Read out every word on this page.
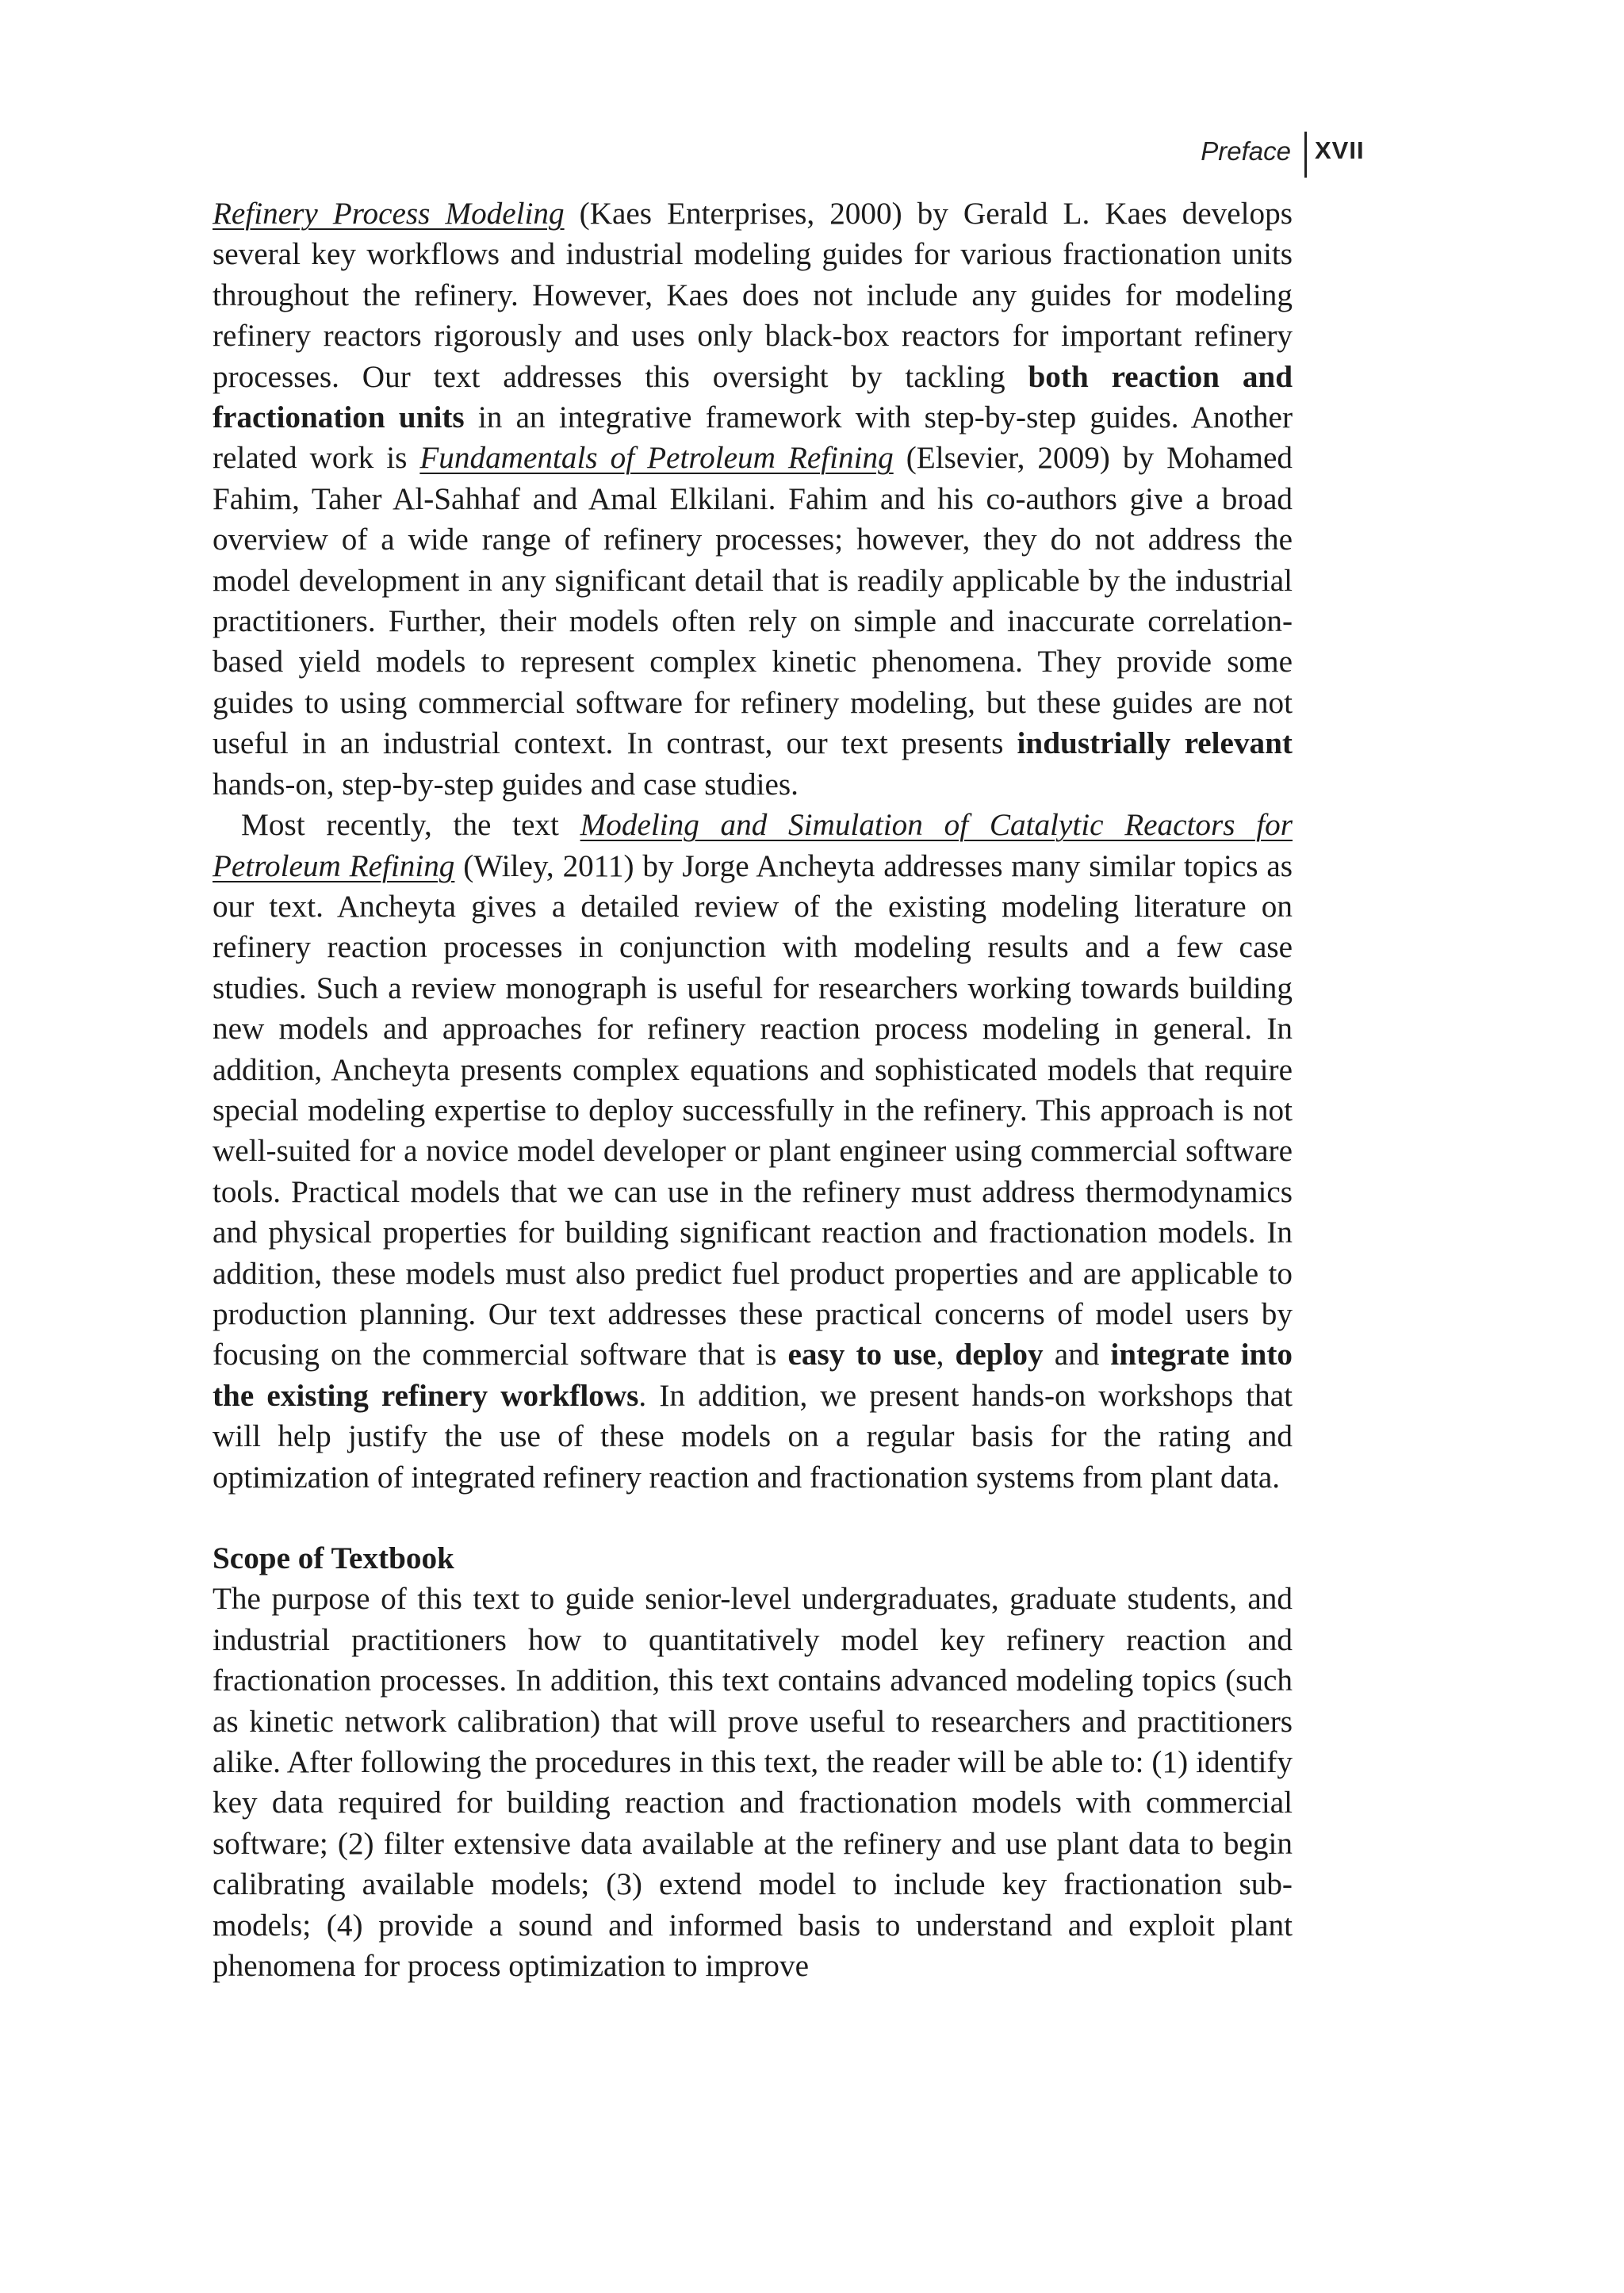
Preface XVII

Refinery Process Modeling (Kaes Enterprises, 2000) by Gerald L. Kaes develops several key workflows and industrial modeling guides for various fractionation units throughout the refinery. However, Kaes does not include any guides for modeling refinery reactors rigorously and uses only black-box reactors for important refinery processes. Our text addresses this oversight by tackling both reaction and fractionation units in an integrative framework with step-by-step guides. Another related work is Fundamentals of Petroleum Refining (Elsevier, 2009) by Mohamed Fahim, Taher Al-Sahhaf and Amal Elkilani. Fahim and his co-authors give a broad overview of a wide range of refinery processes; however, they do not address the model development in any significant detail that is readily applicable by the industrial practitioners. Further, their models often rely on simple and inaccurate correlation-based yield models to represent complex kinetic phenomena. They provide some guides to using commercial software for refinery modeling, but these guides are not useful in an industrial context. In contrast, our text presents industrially relevant hands-on, step-by-step guides and case studies.

Most recently, the text Modeling and Simulation of Catalytic Reactors for Petroleum Refining (Wiley, 2011) by Jorge Ancheyta addresses many similar topics as our text. Ancheyta gives a detailed review of the existing modeling literature on refinery reaction processes in conjunction with modeling results and a few case studies. Such a review monograph is useful for researchers working towards building new models and approaches for refinery reaction process modeling in general. In addition, Ancheyta presents complex equations and sophisticated models that require special modeling expertise to deploy successfully in the refinery. This approach is not well-suited for a novice model developer or plant engineer using commercial software tools. Practical models that we can use in the refinery must address thermodynamics and physical properties for building significant reaction and fractionation models. In addition, these models must also predict fuel product properties and are applicable to production planning. Our text addresses these practical concerns of model users by focusing on the commercial software that is easy to use, deploy and integrate into the existing refinery workflows. In addition, we present hands-on workshops that will help justify the use of these models on a regular basis for the rating and optimization of integrated refinery reaction and fractionation systems from plant data.

Scope of Textbook

The purpose of this text to guide senior-level undergraduates, graduate students, and industrial practitioners how to quantitatively model key refinery reaction and fractionation processes. In addition, this text contains advanced modeling topics (such as kinetic network calibration) that will prove useful to researchers and practitioners alike. After following the procedures in this text, the reader will be able to: (1) identify key data required for building reaction and fractionation models with commercial software; (2) filter extensive data available at the refinery and use plant data to begin calibrating available models; (3) extend model to include key fractionation sub-models; (4) provide a sound and informed basis to understand and exploit plant phenomena for process optimization to improve
